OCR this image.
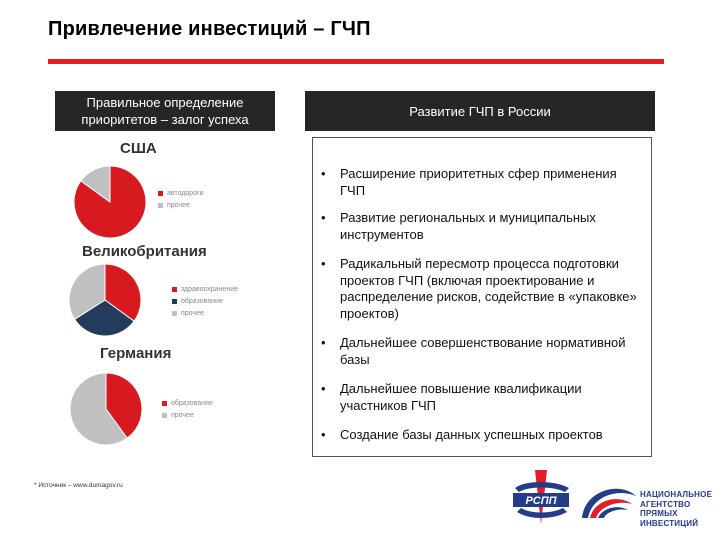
Привлечение инвестиций – ГЧП
Правильное определение приоритетов – залог успеха
Развитие ГЧП в России
США
автодороги
прочее
Великобритания
здравоохранение
образование
прочее
Германия
образование
прочее
• Расширение приоритетных сфер применения ГЧП
• Развитие региональных и муниципальных инструментов
• Радикальный пересмотр процесса подготовки проектов ГЧП (включая проектирование и распределение рисков, содействие в «упаковке» проектов)
• Дальнейшее совершенствование нормативной базы
• Дальнейшее повышение квалификации участников ГЧП
• Создание базы данных успешных проектов
* Источник – www.dumagov.ru
РСПП
НАЦИОНАЛЬНОЕ
АГЕНТСТВО
ПРЯМЫХ
ИНВЕСТИЦИЙ
